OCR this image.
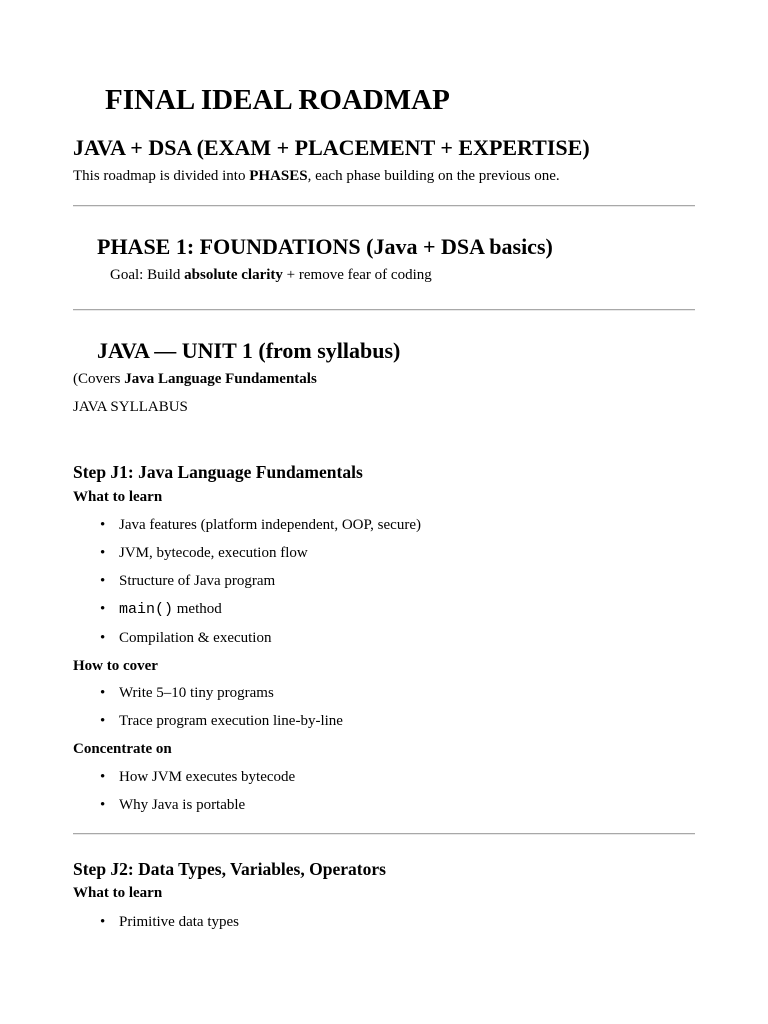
FINAL IDEAL ROADMAP
JAVA + DSA (EXAM + PLACEMENT + EXPERTISE)
This roadmap is divided into PHASES, each phase building on the previous one.
PHASE 1: FOUNDATIONS (Java + DSA basics)
Goal: Build absolute clarity + remove fear of coding
JAVA — UNIT 1 (from syllabus)
(Covers Java Language Fundamentals
JAVA SYLLABUS
Step J1: Java Language Fundamentals
What to learn
• Java features (platform independent, OOP, secure)
• JVM, bytecode, execution flow
• Structure of Java program
• main() method
• Compilation & execution
How to cover
• Write 5–10 tiny programs
• Trace program execution line-by-line
Concentrate on
• How JVM executes bytecode
• Why Java is portable
Step J2: Data Types, Variables, Operators
What to learn
• Primitive data types
